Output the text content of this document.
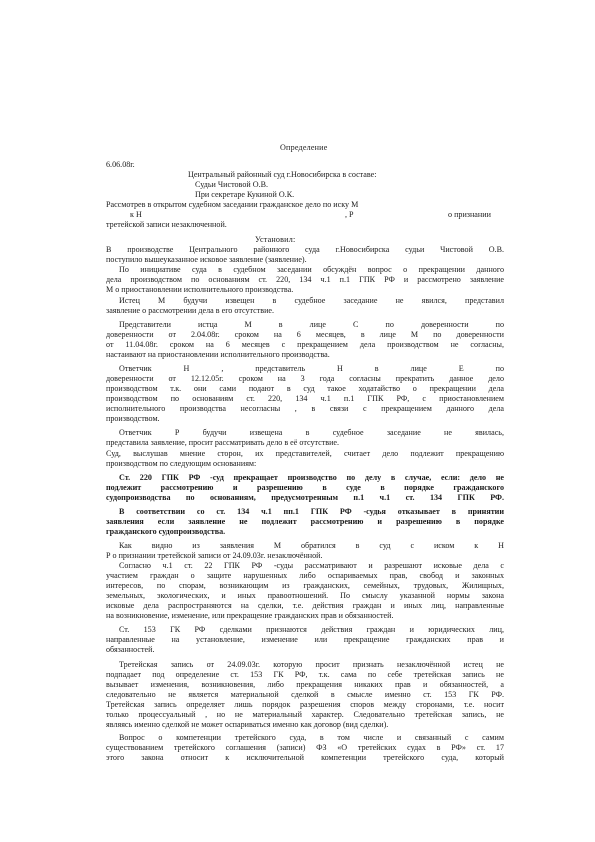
Определение
6.06.08г.
Центральный районный суд г.Новосибирска в составе:
Судьи Чистовой О.В.
При секретаре Кукиной О.К.
Рассмотрев в открытом судебном заседании гражданское дело по иску М
к Н	, Р	о признании
третейской записи незаключенной.
Установил:
В производстве Центрального районного суда г.Новосибирска судьи Чистовой О.В.
поступило вышеуказанное исковое заявление (заявление).
По инициативе суда в судебном заседании обсуждён вопрос о прекращении данного
дела производством по основаниям ст. 220, 134 ч.1 п.1 ГПК РФ и рассмотрено заявление
М о приостановлении исполнительного производства.
Истец М будучи извещен в судебное заседание не явился, представил
заявление о рассмотрении дела в его отсутствие.
Представители истца М в лице С по доверенности по
доверенности от 2.04.08г. сроком на 6 месяцев, в лице М по доверенности
от 11.04.08г. сроком на 6 месяцев с прекращением дела производством не согласны,
настаивают на приостановлении исполнительного производства.
Ответчик Н , представитель Н в лице Е по
доверенности от 12.12.05г. сроком на 3 года согласны прекратить данное дело
производством т.к. они сами подают в суд такое ходатайство о прекращении дела
производством по основаниям ст. 220, 134 ч.1 п.1 ГПК РФ, с приостановлением
исполнительного производства несогласны , в связи с прекращением данного дела
производством.
Ответчик Р будучи извещена в судебное заседание не явилась,
представила заявление, просит рассматривать дело в её отсутствие.
Суд, выслушав мнение сторон, их представителей, считает дело подлежит прекращению
производством по следующим основаниям:
Ст. 220 ГПК РФ -суд прекращает производство по делу в случае, если: дело не
подлежит рассмотрению и разрешению в суде в порядке гражданского
судопроизводства по основаниям, предусмотренным п.1 ч.1 ст. 134 ГПК РФ.
В соответствии со ст. 134 ч.1 пп.1 ГПК РФ -судья отказывает в принятии
заявления если заявление не подлежит рассмотрению и разрешению в порядке
гражданского судопроизводства.
Как видно из заявления М обратился в суд с иском к Н
Р о признании третейской записи от 24.09.03г. незаключённой.
Согласно ч.1 ст. 22 ГПК РФ -суды рассматривают и разрешают исковые дела с
участием граждан о защите нарушенных либо оспариваемых прав, свобод и законных
интересов, по спорам, возникающим из гражданских, семейных, трудовых, Жилищных,
земельных, экологических, и иных правоотношений. По смыслу указанной нормы закона
исковые дела распространяются на сделки, т.е. действия граждан и иных лиц, направленные
на возникновение, изменение, или прекращение гражданских прав и обязанностей.
Ст. 153 ГК РФ сделками признаются действия граждан и юридических лиц,
направленные на установление, изменение или прекращение гражданских прав и
обязанностей.
Третейская запись от 24.09.03г. которую просит признать незаключённой истец не
подпадает под определение ст. 153 ГК РФ, т.к. сама по себе третейская запись не
вызывает изменения, возникновения, либо прекращения никаких прав и обязанностей, а
следовательно не является материальной сделкой в смысле именно ст. 153 ГК РФ.
Третейская запись определяет лишь порядок разрешения споров между сторонами, т.е. носит
только процессуальный , но не материальный характер. Следовательно третейская запись, не
являясь именно сделкой не может оспариваться именно как договор (вид сделки).
Вопрос о компетенции третейского суда, в том числе и связанный с самим
существованием третейского соглашения (записи) ФЗ «О третейских судах в РФ» ст. 17
этого закона относит к исключительной компетенции третейского суда, который
